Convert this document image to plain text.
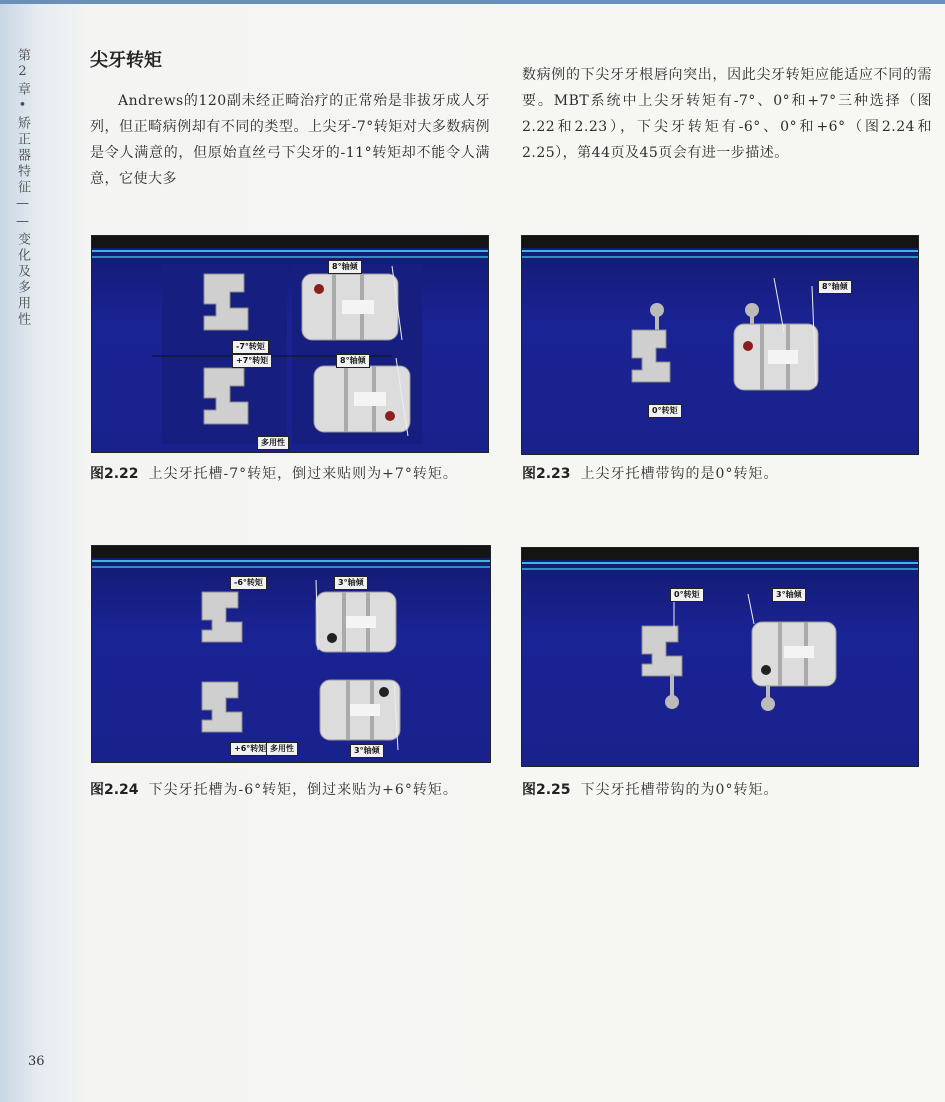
第2章•矫正器特征——变化及多用性	尖牙转矩
Andrews的120副未经正畸治疗的正常殆是非拔牙成人牙列，但正畸病例却有不同的类型。上尖牙-7°转矩对大多数病例是令人满意的，但原始直丝弓下尖牙的-11°转矩却不能令人满意，它使大多
数病例的下尖牙牙根唇向突出，因此尖牙转矩应能适应不同的需要。MBT系统中上尖牙转矩有-7°、0°和+7°三种选择（图2.22和2.23），下尖牙转矩有-6°、0°和+6°（图2.24和2.25），第44页及45页会有进一步描述。
8°轴倾
-7°转矩
+7°转矩	8°轴倾
多用性
8°轴倾
0°转矩
图2.22 上尖牙托槽-7°转矩，倒过来贴则为+7°转矩。	图2.23 上尖牙托槽带钩的是0°转矩。
-6°转矩	3°轴倾
+6°转矩 多用性	3°轴倾
0°转矩	3°轴倾
图2.24 下尖牙托槽为-6°转矩，倒过来贴为+6°转矩。	图2.25 下尖牙托槽带钩的为0°转矩。
36
